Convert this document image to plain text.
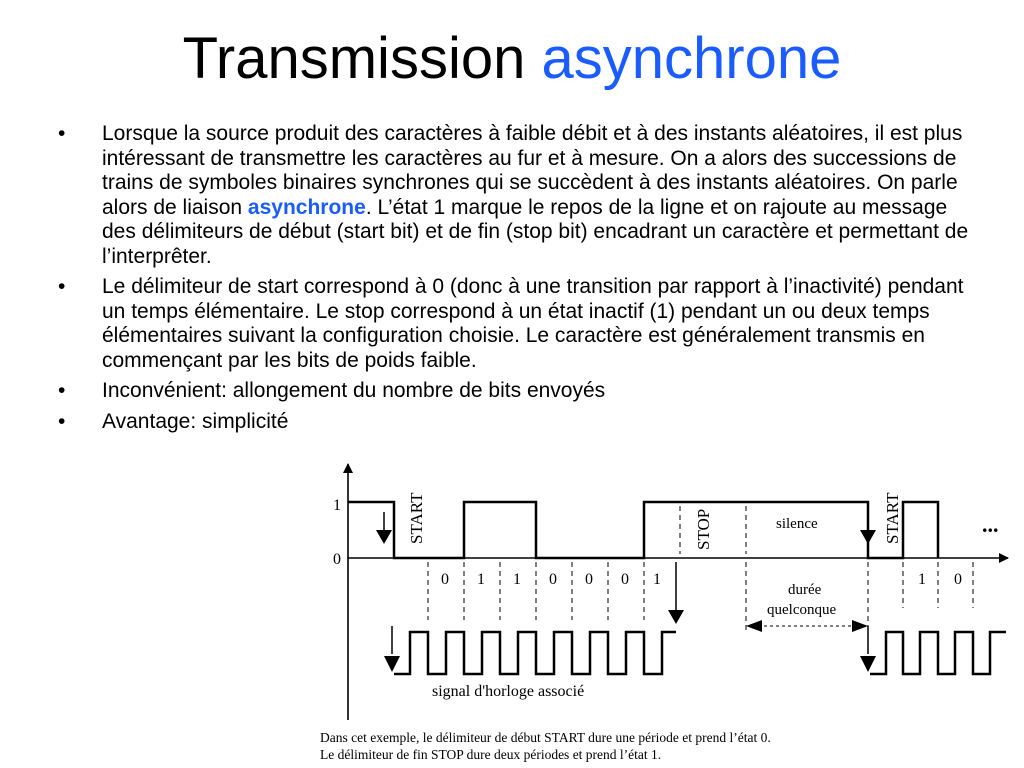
Transmission asynchrone
• Lorsque la source produit des caractères à faible débit et à des instants aléatoires, il est plus intéressant de transmettre les caractères au fur et à mesure. On a alors des successions de trains de symboles binaires synchrones qui se succèdent à des instants aléatoires. On parle alors de liaison asynchrone. L’état 1 marque le repos de la ligne et on rajoute au message des délimiteurs de début (start bit) et de fin (stop bit) encadrant un caractère et permettant de l’interprêter.
• Le délimiteur de start correspond à 0 (donc à une transition par rapport à l’inactivité) pendant un temps élémentaire. Le stop correspond à un état inactif (1) pendant un ou deux temps élémentaires suivant la configuration choisie. Le caractère est généralement transmis en commençant par les bits de poids faible.
• Inconvénient: allongement du nombre de bits envoyés
• Avantage: simplicité
1
0
START
0 1 1 0 0 0 1
STOP	silence
durée
quelconque
START
1 0
...
signal d'horloge associé
Dans cet exemple, le délimiteur de début START dure une période et prend l’état 0.
Le délimiteur de fin STOP dure deux périodes et prend l’état 1.
